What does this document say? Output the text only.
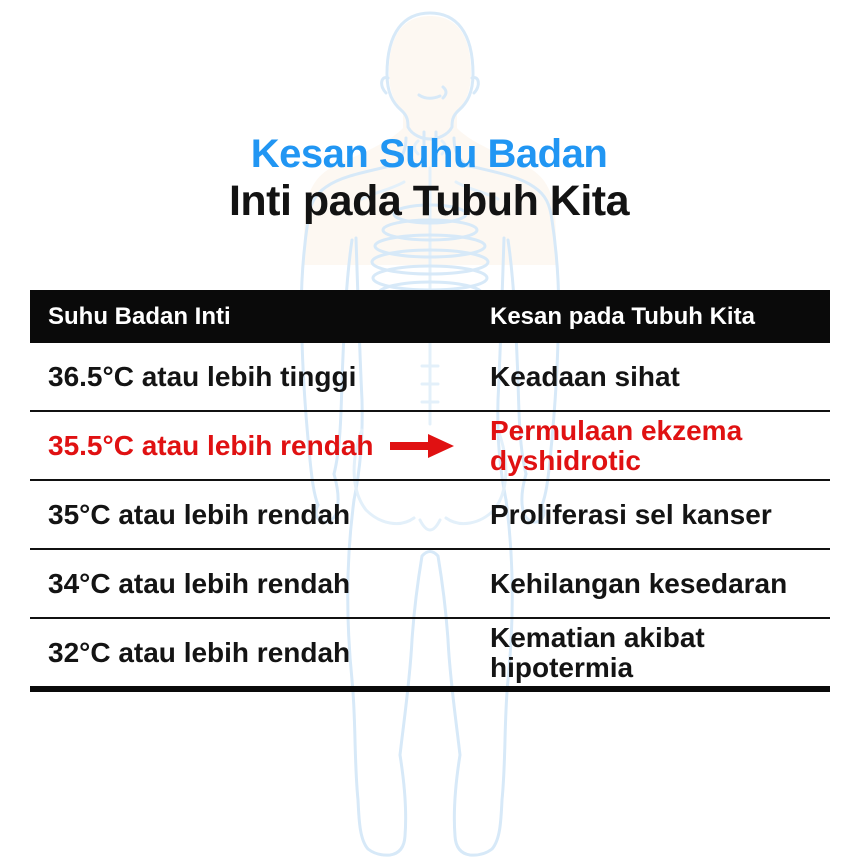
Kesan Suhu Badan
Inti pada Tubuh Kita
Suhu Badan Inti	Kesan pada Tubuh Kita
36.5°C atau lebih tinggi	Keadaan sihat
35.5°C atau lebih rendah	Permulaan ekzema dyshidrotic
35°C atau lebih rendah	Proliferasi sel kanser
34°C atau lebih rendah	Kehilangan kesedaran
32°C atau lebih rendah	Kematian akibat hipotermia
